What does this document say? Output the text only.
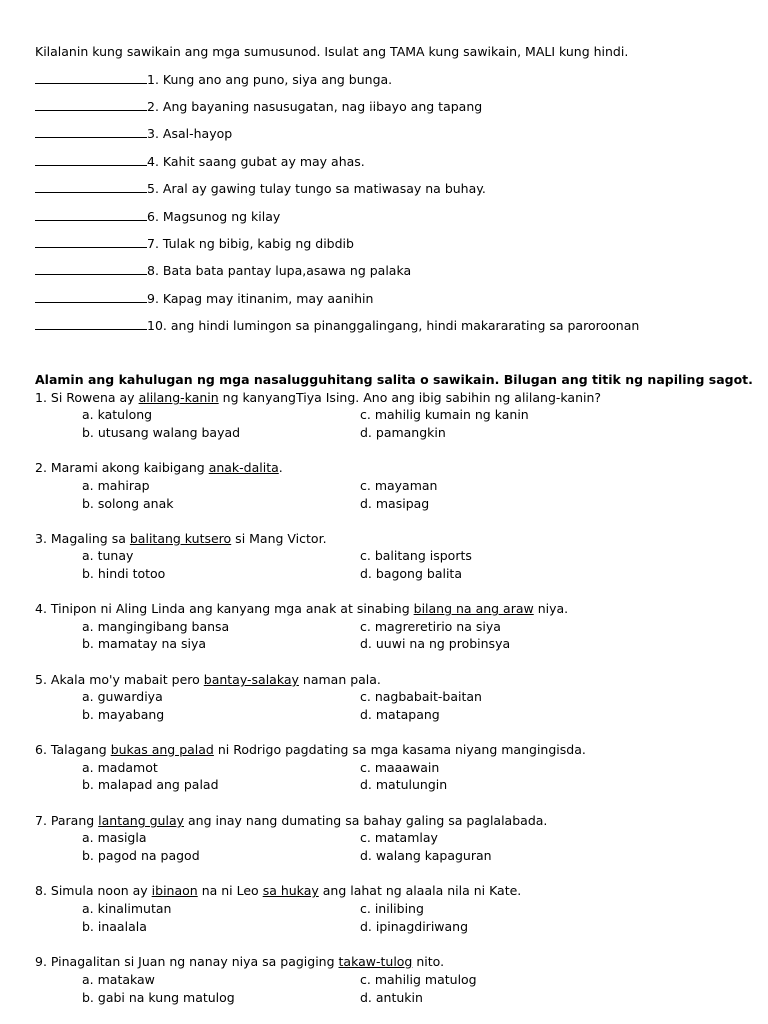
Kilalanin kung sawikain ang mga sumusunod. Isulat ang TAMA kung sawikain, MALI kung hindi.
1. Kung ano ang puno, siya ang bunga.
2. Ang bayaning nasusugatan, nag iibayo ang tapang
3. Asal-hayop
4. Kahit saang gubat ay may ahas.
5. Aral ay gawing tulay tungo sa matiwasay na buhay.
6. Magsunog ng kilay
7. Tulak ng bibig, kabig ng dibdib
8. Bata bata pantay lupa,asawa ng palaka
9. Kapag may itinanim, may aanihin
10. ang hindi lumingon sa pinanggalingang, hindi makararating sa paroroonan
Alamin ang kahulugan ng mga nasalugguhitang salita o sawikain. Bilugan ang titik ng napiling sagot.
1. Si Rowena ay alilang-kanin ng kanyangTiya Ising. Ano ang ibig sabihin ng alilang-kanin?
a. katulong	c. mahilig kumain ng kanin
b. utusang walang bayad	d. pamangkin
2. Marami akong kaibigang anak-dalita.
a. mahirap	c. mayaman
b. solong anak	d. masipag
3. Magaling sa balitang kutsero si Mang Victor.
a. tunay	c. balitang isports
b. hindi totoo	d. bagong balita
4. Tinipon ni Aling Linda ang kanyang mga anak at sinabing bilang na ang araw niya.
a. mangingibang bansa	c. magreretirio na siya
b. mamatay na siya	d. uuwi na ng probinsya
5. Akala mo'y mabait pero bantay-salakay naman pala.
a. guwardiya	c. nagbabait-baitan
b. mayabang	d. matapang
6. Talagang bukas ang palad ni Rodrigo pagdating sa mga kasama niyang mangingisda.
a. madamot	c. maaawain
b. malapad ang palad	d. matulungin
7. Parang lantang gulay ang inay nang dumating sa bahay galing sa paglalabada.
a. masigla	c. matamlay
b. pagod na pagod	d. walang kapaguran
8. Simula noon ay ibinaon na ni Leo sa hukay ang lahat ng alaala nila ni Kate.
a. kinalimutan	c. inilibing
b. inaalala	d. ipinagdiriwang
9. Pinagalitan si Juan ng nanay niya sa pagiging takaw-tulog nito.
a. matakaw	c. mahilig matulog
b. gabi na kung matulog	d. antukin
